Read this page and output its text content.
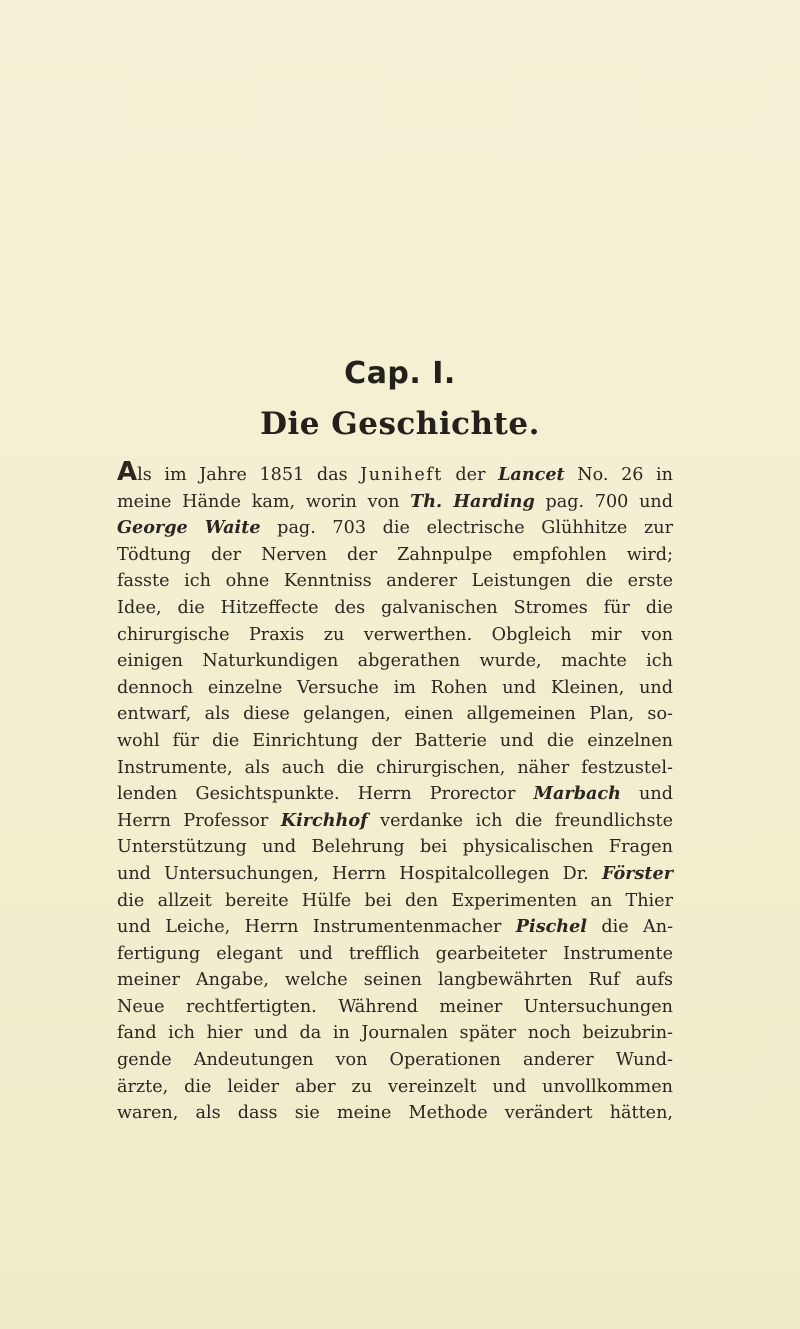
Cap. I.
Die Geschichte.
Als im Jahre 1851 das Juniheft der Lancet No. 26 in
meine Hände kam, worin von Th. Harding pag. 700 und
George Waite pag. 703 die electrische Glühhitze zur
Tödtung der Nerven der Zahnpulpe empfohlen wird;
fasste ich ohne Kenntniss anderer Leistungen die erste
Idee, die Hitzeffecte des galvanischen Stromes für die
chirurgische Praxis zu verwerthen. Obgleich mir von
einigen Naturkundigen abgerathen wurde, machte ich
dennoch einzelne Versuche im Rohen und Kleinen, und
entwarf, als diese gelangen, einen allgemeinen Plan, so-
wohl für die Einrichtung der Batterie und die einzelnen
Instrumente, als auch die chirurgischen, näher festzustel-
lenden Gesichtspunkte. Herrn Prorector Marbach und
Herrn Professor Kirchhof verdanke ich die freundlichste
Unterstützung und Belehrung bei physicalischen Fragen
und Untersuchungen, Herrn Hospitalcollegen Dr. Förster
die allzeit bereite Hülfe bei den Experimenten an Thier
und Leiche, Herrn Instrumentenmacher Pischel die An-
fertigung elegant und trefflich gearbeiteter Instrumente
meiner Angabe, welche seinen langbewährten Ruf aufs
Neue rechtfertigten. Während meiner Untersuchungen
fand ich hier und da in Journalen später noch beizubrin-
gende Andeutungen von Operationen anderer Wund-
ärzte, die leider aber zu vereinzelt und unvollkommen
waren, als dass sie meine Methode verändert hätten,
